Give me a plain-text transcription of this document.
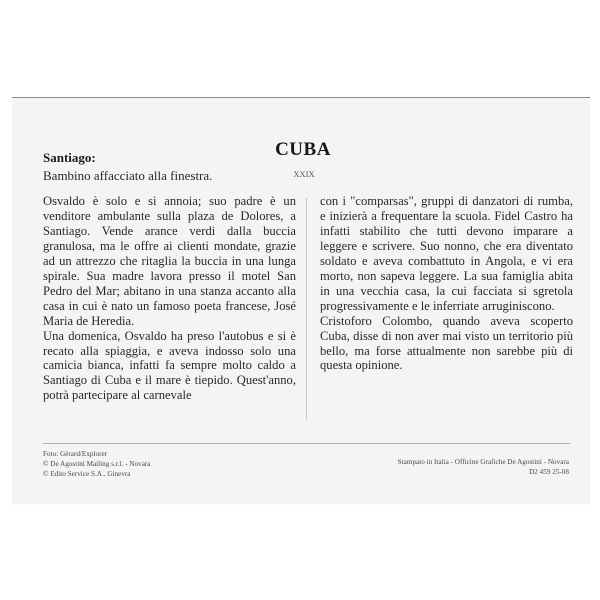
Santiago:
Bambino affacciato alla finestra.
CUBA
XXIX

Osvaldo è solo e si annoia; suo padre è un venditore ambulante sulla plaza de Dolores, a Santiago. Vende arance verdi dalla buccia granulosa, ma le offre ai clienti mondate, grazie ad un attrezzo che ritaglia la buccia in una lunga spirale. Sua madre lavora presso il motel San Pedro del Mar; abitano in una stanza accanto alla casa in cui è nato un famoso poeta francese, José Maria de Heredia.

Una domenica, Osvaldo ha preso l'autobus e si è recato alla spiaggia, e aveva indosso solo una camicia bianca, infatti fa sempre molto caldo a Santiago di Cuba e il mare è tiepido. Quest'anno, potrà partecipare al carnevale

con i "comparsas", gruppi di danzatori di rumba, e inizierà a frequentare la scuola. Fidel Castro ha infatti stabilito che tutti devono imparare a leggere e scrivere. Suo nonno, che era diventato soldato e aveva combattuto in Angola, e vi era morto, non sapeva leggere. La sua famiglia abita in una vecchia casa, la cui facciata si sgretola progressivamente e le inferriate arruginiscono.

Cristoforo Colombo, quando aveva scoperto Cuba, disse di non aver mai visto un territorio più bello, ma forse attualmente non sarebbe più di questa opinione.

Foto: Gérard/Explorer
© De Agostini Mailing s.r.l. - Novara
© Edito Service S.A.. Ginevra
Stampato in Italia - Officine Grafiche De Agostini - Novara
D2 459 25-08
